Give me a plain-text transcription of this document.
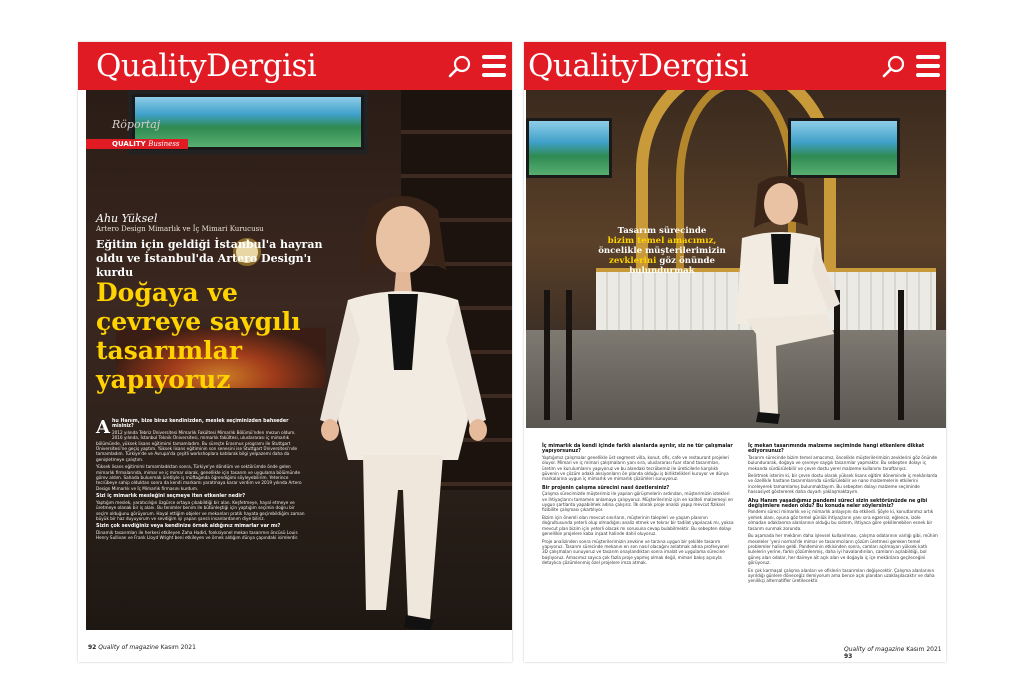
QualityDergisi
Röportaj
QUALITY Business
Ahu Yüksel
Artero Design Mimarlık ve İç Mimari Kurucusu
Eğitim için geldiği İstanbul'a hayran oldu ve İstanbul'da Artero Design'ı kurdu
Doğaya ve çevreye saygılı tasarımlar yapıyoruz
Ahu Hanım, bize biraz kendinizden, meslek seçiminizden bahseder misiniz?

2012 yılında Tebriz Üniversitesi Mimarlık Fakültesi Mimarlık Bölümü'nden mezun oldum. 2016 yılında, İstanbul Teknik Üniversitesi, mimarlık fakültesi, uluslararası iç mimarlık bölümünde, yüksek lisans eğitimimi tamamladım. Bu süreçte Erasmus programı ile Stuttgart Üniversitesi'ne geçiş yaptım. Yüksek lisans eğitiminin son senesini ise Stuttgart Üniversitesi'nde tamamladım. Türkiye'de ve Avrupa'da çeşitli workshoplara katılarak bilgi yelpazemi daha da genişletmeye çalıştım.

Yüksek lisans eğitimimi tamamladıktan sonra, Türkiye'ye döndüm ve sektörümde önde gelen mimarlık firmalarında, mimar ve iç mimar olarak, genellikle için tasarım ve uygulama bölümünde görev aldım. Sahada bulunmak üretilyle iş müftağında öğrendiğimi söyleyebilirim. Yeterince tecrübeye sahip olduktan sonra da kendi markamı yaratmaya karar verdim ve 2019 yılında Artero Design Mimarlık ve İç Mimarlık firmasını kurdum.

Sizi iç mimarlık mesleğini seçmeye iten etkenler nedir?

Yaptığım meslek, yaratıcılığın özgürce ortaya çıkabildiği bir alan. Keşfetmeye, hayal etmeye ve üretmeye olanak bir iş alanı. Bu tenimler benim ile bütünleştiği için yaptığım seçimin doğru bir seçim olduğunu görüyorum. Hayal ettiğim objeler ve mekanları pratik hayata geçirebildiğim zaman büyük bir haz duyuyorum ve sevdiğim işi yapan şanslı insanlardanım diye biliriz.

Sizin çok sevdiğiniz veya kendinize örnek aldığınız mimarlar var mı?

Dinamik tasarımları ile herkesi etkileyen Zaha Hadid, fonksiyonel mekan tasarımın öncüsü Louis Henry Sullivan ve Frank Lloyd Wright beni etkileyen ve örnek aldığım dünya çapındaki isimlerdir.

92 Quality of magazine Kasım 2021
QualityDergisi
Tasarım sürecinde
bizim temel amacımız,
öncelikle müşterilerimizin
zevklerini göz önünde
bulundurmak
İç mimarlık da kendi içinde farklı alanlarda ayrılır, siz ne tür çalışmalar yapıyorsunuz?

Yaptığımız çalışmalar genellikle üst segment villa, konut, ofis, cafe ve restaurant projeleri oluyor. Mimari ve iç mimari çalışmaların yanı sıra, uluslararası fuar stand tasarımları, üretim ve kurulumlarını yapıyoruz ve bu alandaki tecrübemiz ile üreticilerle karşılıklı güvenin ve çözüm odaklı aksiyonların ön planda olduğu iş birliktelikleri kuruyor ve dünya markalarına uygun iç mimarlık ve mimarlık çözümleri sunuyoruz.

Bir projenin çalışma sürecini nasıl özetlersiniz?

Çalışma sürecimizde müşterimiz ile yapılan görüşmelerin ardından, müşterimizin istekleri ve ihtiyaçlarını tamamen anlamaya çalışıyoruz. Müşterilerimiz için en kaliteli malzemeyi en uygun şartlarda yapabilmek adına çalışırız. İlk olarak proje analizi yapıp mevcut fiziksel fizibilite çalışması çıkartılıyor.

Bizim için önemli olan mevcut sınırların, müşterinin talepleri ve yaşam planının doğrultusunda yeterli olup olmadığını analiz etmek ve tekrar bir tadilat yapılacak mı, yoksa mevcut plan bizim için yeterli olacak mı sorusuna cevap bulabilmektir. Bu sebepten dolayı genellikle projelere kaba inşaat halinde dahil oluyoruz.

Proje analizinden sonra müşterilerimizin zevkine ve tarzına uygun bir şekilde tasarım yapıyoruz. Tasarım sürecinde mekanın en son nasıl olacağını anlatmak adına profesyonel 3D çalışmaları sunuyoruz ve tasarım onaylandıktan sonra imalat ve uygulama sürecine başlıyoruz. Amacımız sayıca çok fazla proje yapmış olmak değil, mimari bakış açısıyla detaylıca çözümlenmiş özel projelere imza atmak.

İç mekan tasarımında malzeme seçiminde hangi etkenlere dikkat ediyorsunuz?

Tasarım sürecinde bizim temel amacımız, öncelikle müşterilerimizin zevklerini göz önünde bulundurarak, doğaya ve çevreye saygılı tasarımlar yapmaktır. Bu sebepten dolayı iç mekanda sürdürülebilir ve çevre dostu yerel malzeme kullanımı taraftarıyız.

Belirtmek isterim ki, bir çevre dostu olarak yüksek lisans eğitim döneminde iç mekânlarda ve özellikle hastane tasarımlarında sürdürülebilir ve nano malzemelerin etkilerini inceleyerek tamamlamış bulunmaktayım. Bu sebepten dolayı malzeme seçiminde hassasiyet göstererek daha duyarlı yaklaşmaktayım.

Ahu Hanım yaşadığımız pandemi süreci sizin sektörünüzde ne gibi değişimlere neden oldu? Bu konuda neler söylersiniz?

Pandemi süreci mimarlık ve iç mimarlık anlayışını da etkiledi. Şöyle ki, konutlarımız artık yemek alanı, oyuna göz temel günlük ihtiyaçların yanı sıra egzersiz, eğlence, izole olmadan odaklanma alanlarının olduğu bu sistem, ihtiyaca göre şekillenebilen esnek bir tasarım sunmak zorunda.

Bu aşamada her mekânın daha işlevsel kullanılması, çalışma odalarının varlığı gibi, mühim meseleler 'yeni normal'de mimar ve tasarımcıların çözüm üretmesi gereken temel problemler haline geldi. Pandeminin etkisinden sonra, camları açılmayan yüksek katlı kulelerin yerine, farklı çözümlenmiş, daha iyi havalandırılan, camların açılabildiği, bol güneş alan odalar, her daireye ait açık alan ve doğayla iç içe mekânlara geçileceğini görüyoruz.

En çok karmaşal çalışma alanları ve ofislerin tasarımları değişecektir. Çalışma alanlarının ayrıldığı günlere döneceğiz demiyorum ama bence açık plandan uzaklaşılacaktır ve daha yenilikçi alternatifler üretilecektir.

Quality of magazine Kasım 2021 93
